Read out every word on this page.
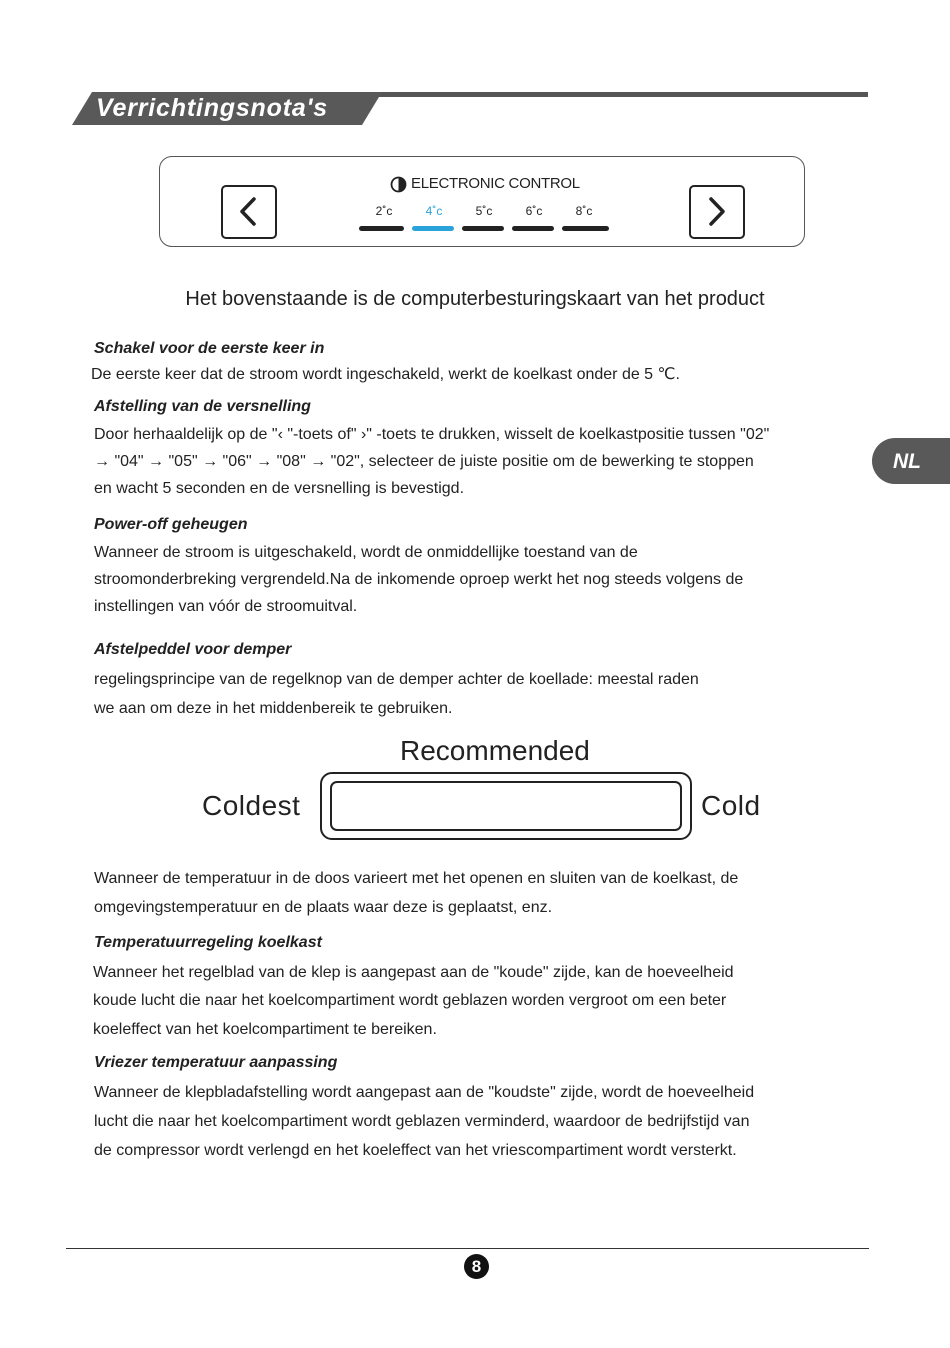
Verrichtingsnota's
ELECTRONIC CONTROL
2˚c	4˚c	5˚c	6˚c	8˚c
Het bovenstaande is de computerbesturingskaart van het product
Schakel voor de eerste keer in
De eerste keer dat de stroom wordt ingeschakeld, werkt de koelkast onder de 5 ℃.
Afstelling van de versnelling
Door herhaaldelijk op de "‹ "-toets of" ›" -toets te drukken, wisselt de koelkastpositie tussen "02"
→ "04" → "05" → "06" → "08" → "02", selecteer de juiste positie om de bewerking te stoppen
en wacht 5 seconden en de versnelling is bevestigd.
Power-off geheugen
Wanneer de stroom is uitgeschakeld, wordt de onmiddellijke toestand van de
stroomonderbreking vergrendeld.Na de inkomende oproep werkt het nog steeds volgens de
instellingen van vóór de stroomuitval.
Afstelpeddel voor demper
regelingsprincipe van de regelknop van de demper achter de koellade: meestal raden
we aan om deze in het middenbereik te gebruiken.
Recommended
Coldest	Cold
Wanneer de temperatuur in de doos varieert met het openen en sluiten van de koelkast, de
omgevingstemperatuur en de plaats waar deze is geplaatst, enz.
Temperatuurregeling koelkast
Wanneer het regelblad van de klep is aangepast aan de "koude" zijde, kan de hoeveelheid
koude lucht die naar het koelcompartiment wordt geblazen worden vergroot om een beter
koeleffect van het koelcompartiment te bereiken.
Vriezer temperatuur aanpassing
Wanneer de klepbladafstelling wordt aangepast aan de "koudste" zijde, wordt de hoeveelheid
lucht die naar het koelcompartiment wordt geblazen verminderd, waardoor de bedrijfstijd van
de compressor wordt verlengd en het koeleffect van het vriescompartiment wordt versterkt.
NL
8
